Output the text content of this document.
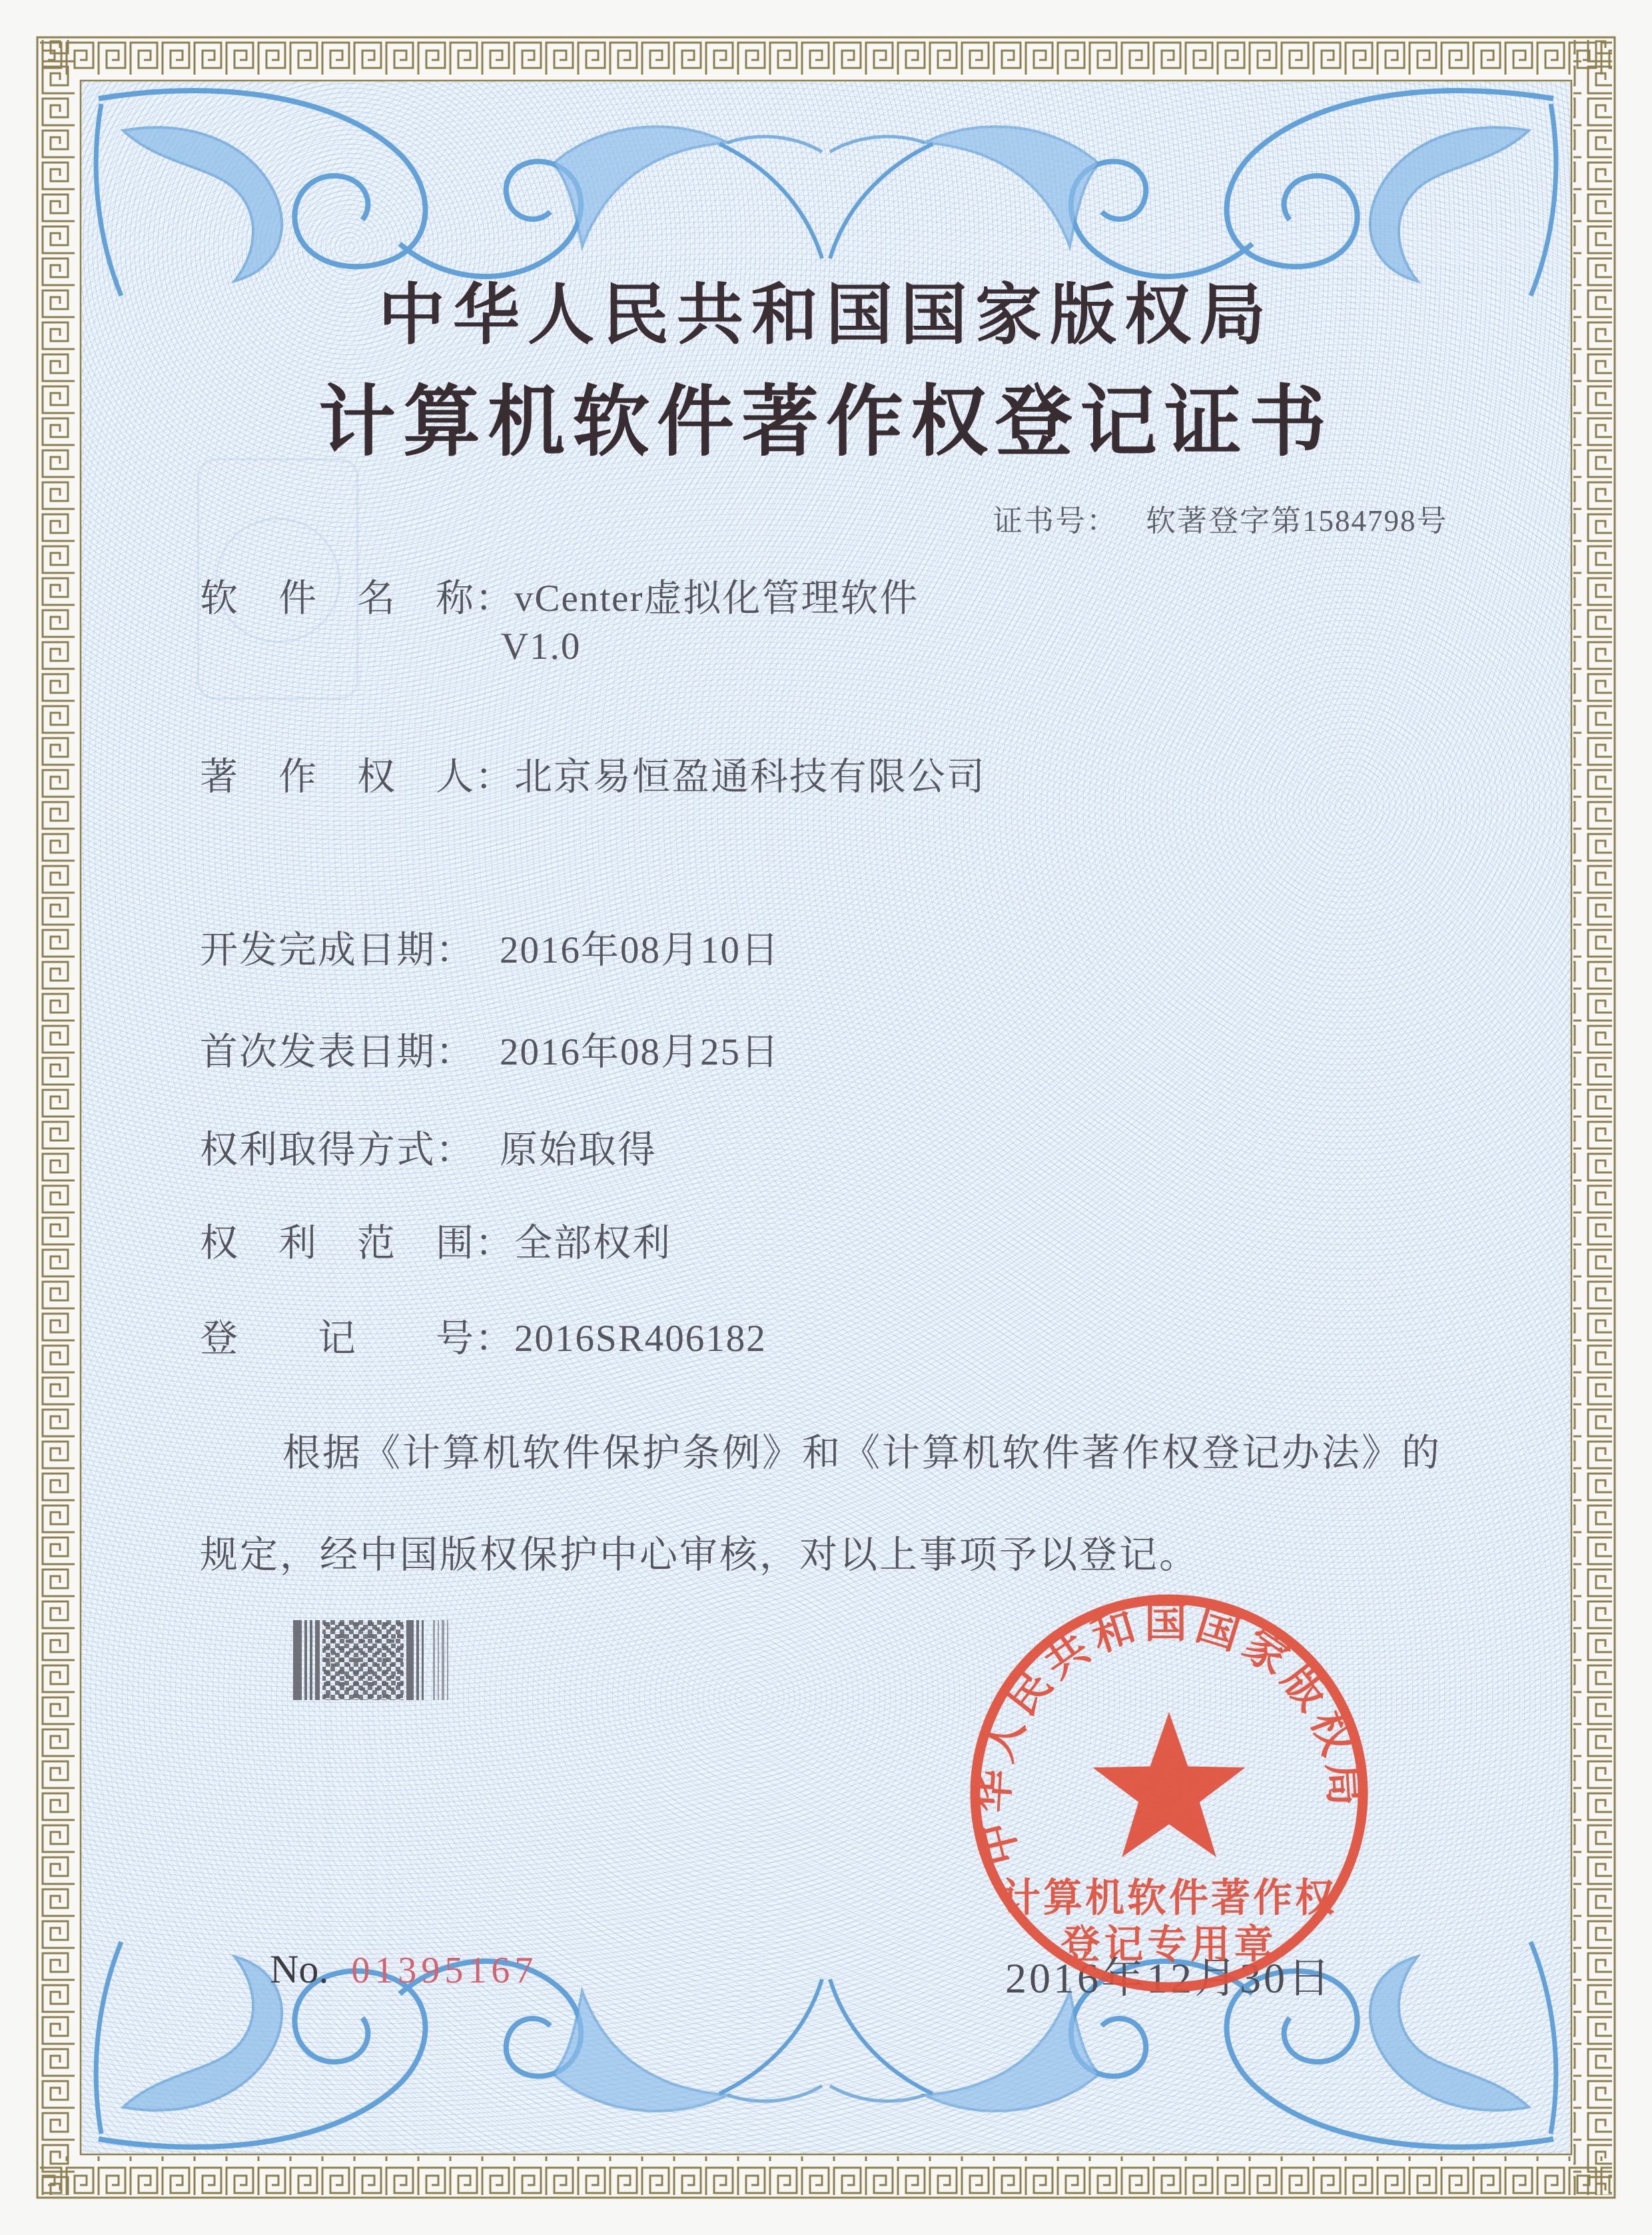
中华人民共和国国家版权局
计算机软件著作权登记证书
证书号： 软著登字第1584798号
软　件　名　称：vCenter虚拟化管理软件
V1.0
著　作　权　人：北京易恒盈通科技有限公司
开发完成日期： 2016年08月10日
首次发表日期： 2016年08月25日
权利取得方式： 原始取得
权　利　范　围：全部权利
登　　记　　号：2016SR406182
根据《计算机软件保护条例》和《计算机软件著作权登记办法》的
规定，经中国版权保护中心审核，对以上事项予以登记。
2016年12月30日
中华人民共和国国家版权局
计算机软件著作权
登记专用章
No. 01395167
